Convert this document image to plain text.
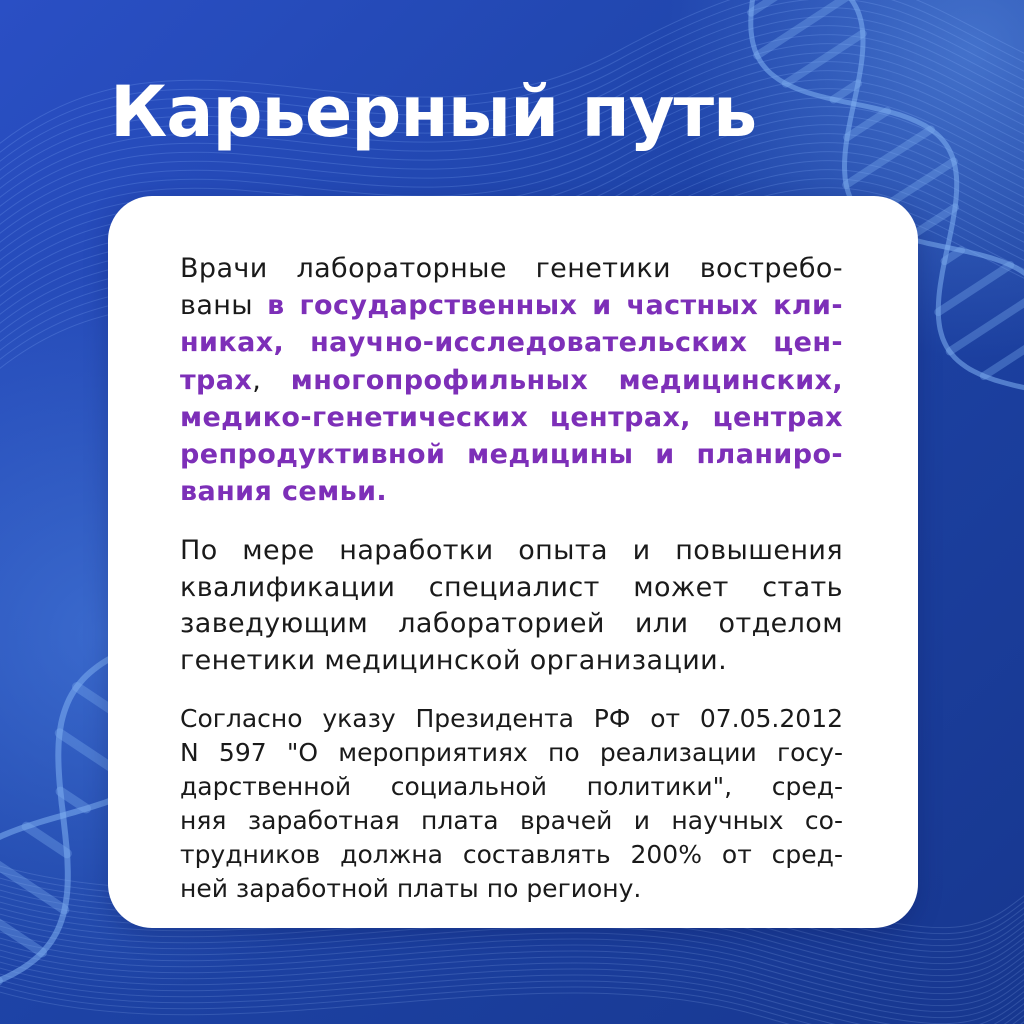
Карьерный путь

Врачи лабораторные генетики востребо-
ваны в государственных и частных кли-
никах, научно-исследовательских цен-
трах, многопрофильных медицинских,
медико-генетических центрах, центрах
репродуктивной медицины и планиро-
вания семьи.

По мере наработки опыта и повышения
квалификации специалист может стать
заведующим лабораторией или отделом
генетики медицинской организации.

Согласно указу Президента РФ от 07.05.2012
N 597 "О мероприятиях по реализации госу-
дарственной социальной политики", сред-
няя заработная плата врачей и научных со-
трудников должна составлять 200% от сред-
ней заработной платы по региону.
